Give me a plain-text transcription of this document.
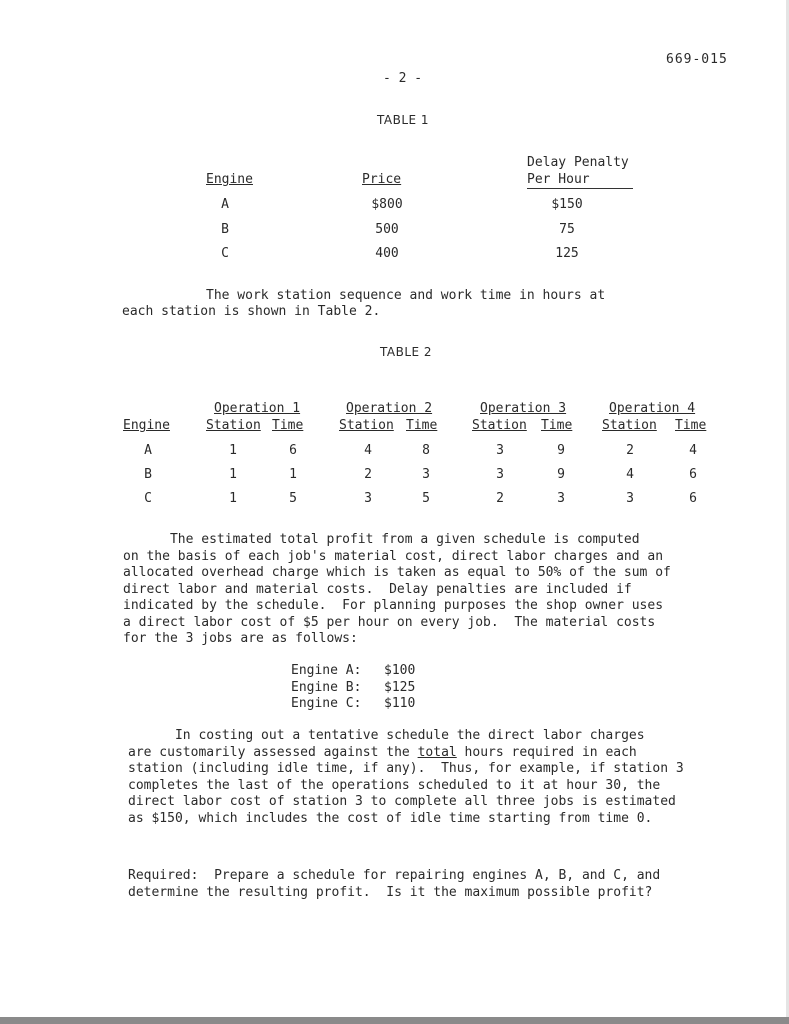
669-015
- 2 -
TABLE 1
Engine	Price
Delay Penalty
Per Hour
A	$800	$150
B	500	75
C	400	125
The work station sequence and work time in hours at
each station is shown in Table 2.
TABLE 2
Operation 1	Operation 2	Operation 3	Operation 4
Engine	Station Time	Station Time	Station Time Station Time
A	1	6	4	8	3	9	2	4
B	1	1	2	3	3	9	4	6
C	1	5	3	5	2	3	3	6
The estimated total profit from a given schedule is computed
on the basis of each job's material cost, direct labor charges and an
allocated overhead charge which is taken as equal to 50% of the sum of
direct labor and material costs.  Delay penalties are included if
indicated by the schedule.  For planning purposes the shop owner uses
a direct labor cost of $5 per hour on every job.  The material costs
for the 3 jobs are as follows:
Engine A: $100
Engine B: $125
Engine C: $110
In costing out a tentative schedule the direct labor charges
are customarily assessed against the total hours required in each
station (including idle time, if any).  Thus, for example, if station 3
completes the last of the operations scheduled to it at hour 30, the
direct labor cost of station 3 to complete all three jobs is estimated
as $150, which includes the cost of idle time starting from time 0.
Required:  Prepare a schedule for repairing engines A, B, and C, and
determine the resulting profit.  Is it the maximum possible profit?
